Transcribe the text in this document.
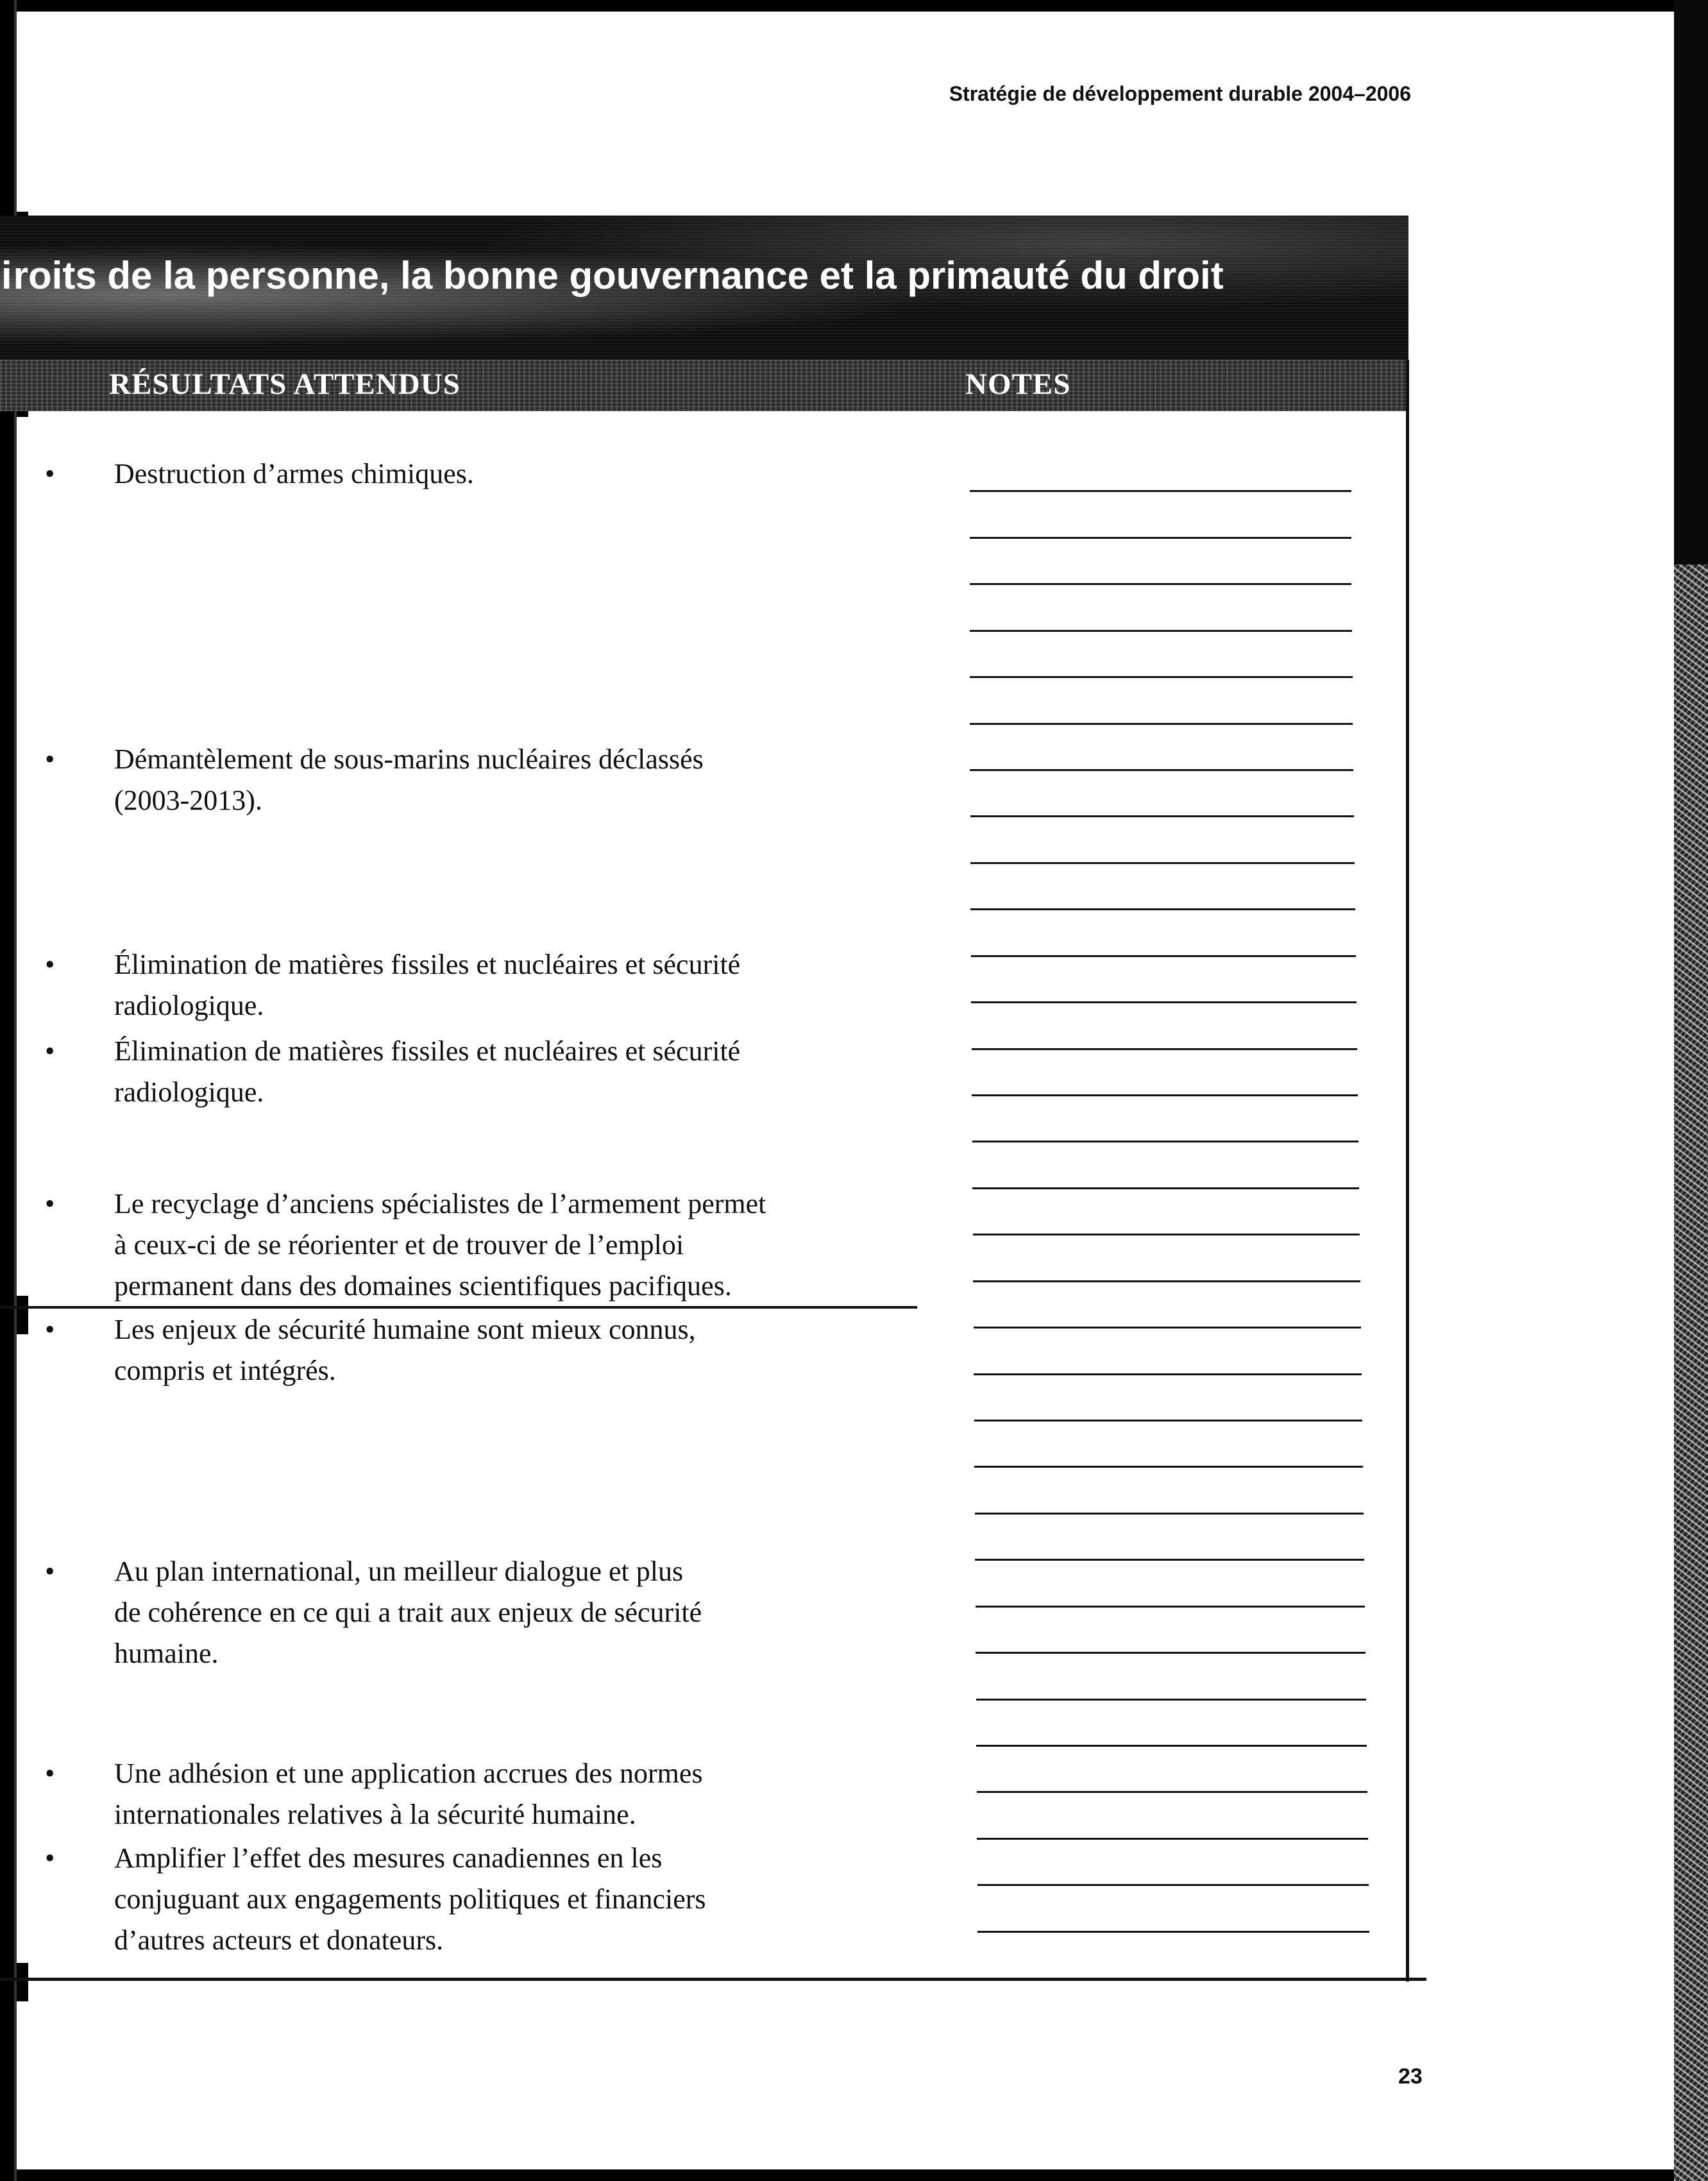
Stratégie de développement durable 2004–2006
iroits de la personne, la bonne gouvernance et la primauté du droit
RÉSULTATS ATTENDUS	NOTES
• Destruction d’armes chimiques.
• Démantèlement de sous-marins nucléaires déclassés
(2003-2013).
• Élimination de matières fissiles et nucléaires et sécurité
radiologique.
• Élimination de matières fissiles et nucléaires et sécurité
radiologique.
• Le recyclage d’anciens spécialistes de l’armement permet
à ceux-ci de se réorienter et de trouver de l’emploi
permanent dans des domaines scientifiques pacifiques.
• Les enjeux de sécurité humaine sont mieux connus,
compris et intégrés.
• Au plan international, un meilleur dialogue et plus
de cohérence en ce qui a trait aux enjeux de sécurité
humaine.
• Une adhésion et une application accrues des normes
internationales relatives à la sécurité humaine.
• Amplifier l’effet des mesures canadiennes en les
conjuguant aux engagements politiques et financiers
d’autres acteurs et donateurs.
23
